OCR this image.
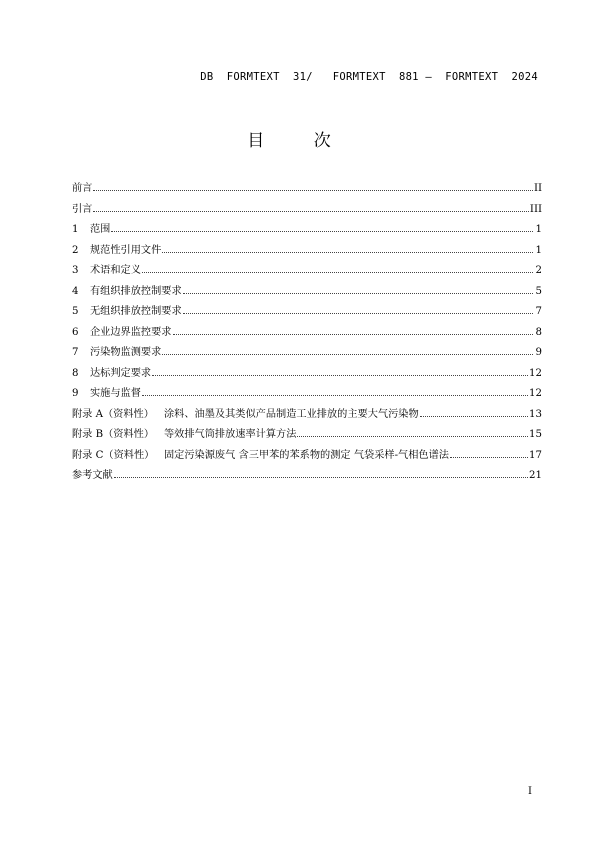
DB  FORMTEXT  31/   FORMTEXT  881 —  FORMTEXT  2024
目 次
前言	II
引言	III
1 范围	1
2 规范性引用文件	1
3 术语和定义	2
4 有组织排放控制要求	5
5 无组织排放控制要求	7
6 企业边界监控要求	8
7 污染物监测要求	9
8 达标判定要求	12
9 实施与监督	12
附录 A（资料性） 涂料、油墨及其类似产品制造工业排放的主要大气污染物	13
附录 B（资料性） 等效排气筒排放速率计算方法	15
附录 C（资料性） 固定污染源废气 含三甲苯的苯系物的测定 气袋采样-气相色谱法	17
参考文献	21
I
